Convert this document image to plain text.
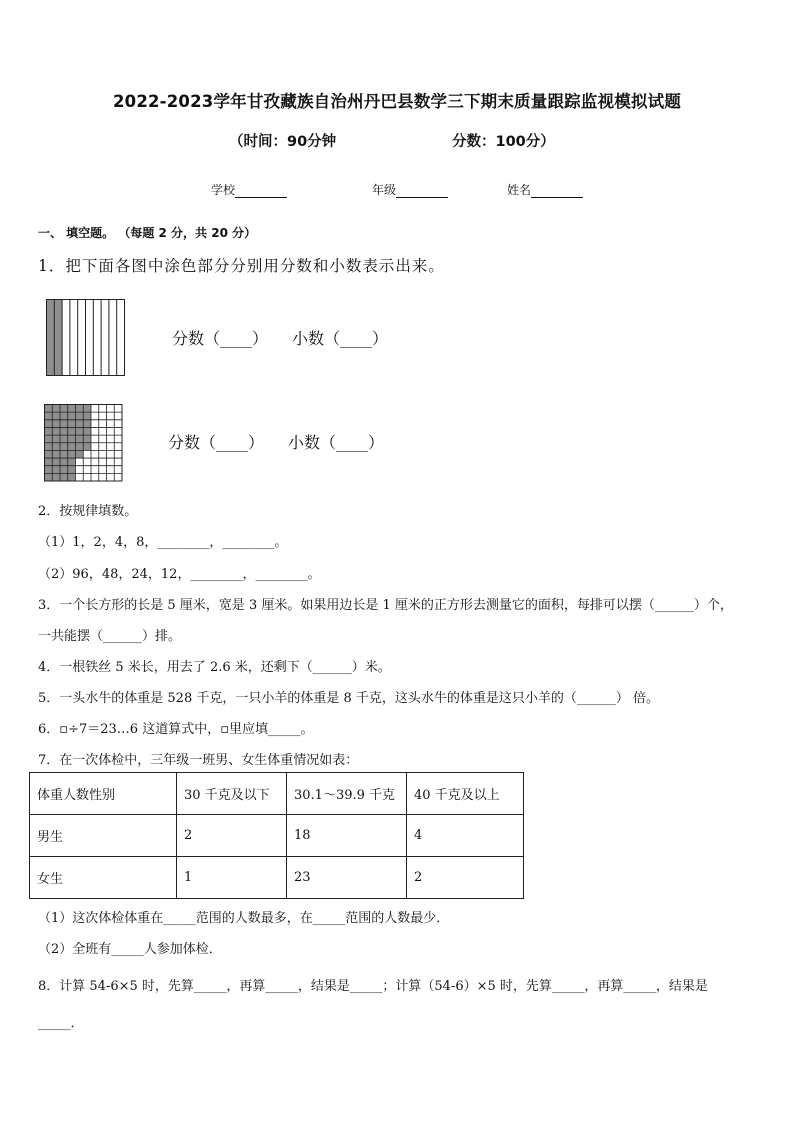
2022-2023学年甘孜藏族自治州丹巴县数学三下期末质量跟踪监视模拟试题
（时间：90分钟	分数：100分）
学校	年级	姓名
一、 填空题。 （每题 2 分，共 20 分）
1．把下面各图中涂色部分分别用分数和小数表示出来。
分数（____） 小数（____）
分数（____） 小数（____）
2．按规律填数。
（1）1，2，4，8，________，________。
（2）96，48，24，12，________，________。
3．一个长方形的长是 5 厘米，宽是 3 厘米。如果用边长是 1 厘米的正方形去测量它的面积，每排可以摆（______）个，
一共能摆（______）排。
4．一根铁丝 5 米长，用去了 2.6 米，还剩下（______）米。
5．一头水牛的体重是 528 千克，一只小羊的体重是 8 千克，这头水牛的体重是这只小羊的（______） 倍。
6．▫÷7＝23…6 这道算式中，▫里应填_____。
7．在一次体检中，三年级一班男、女生体重情况如表：
体重人数性别	30 千克及以下	30.1～39.9 千克	40 千克及以上
男生	2	18	4
女生	1	23	2
（1）这次体检体重在_____范围的人数最多，在_____范围的人数最少．
（2）全班有_____人参加体检．
8．计算 54-6×5 时，先算_____，再算_____，结果是_____；计算（54-6）×5 时，先算_____，再算_____，结果是
_____．
